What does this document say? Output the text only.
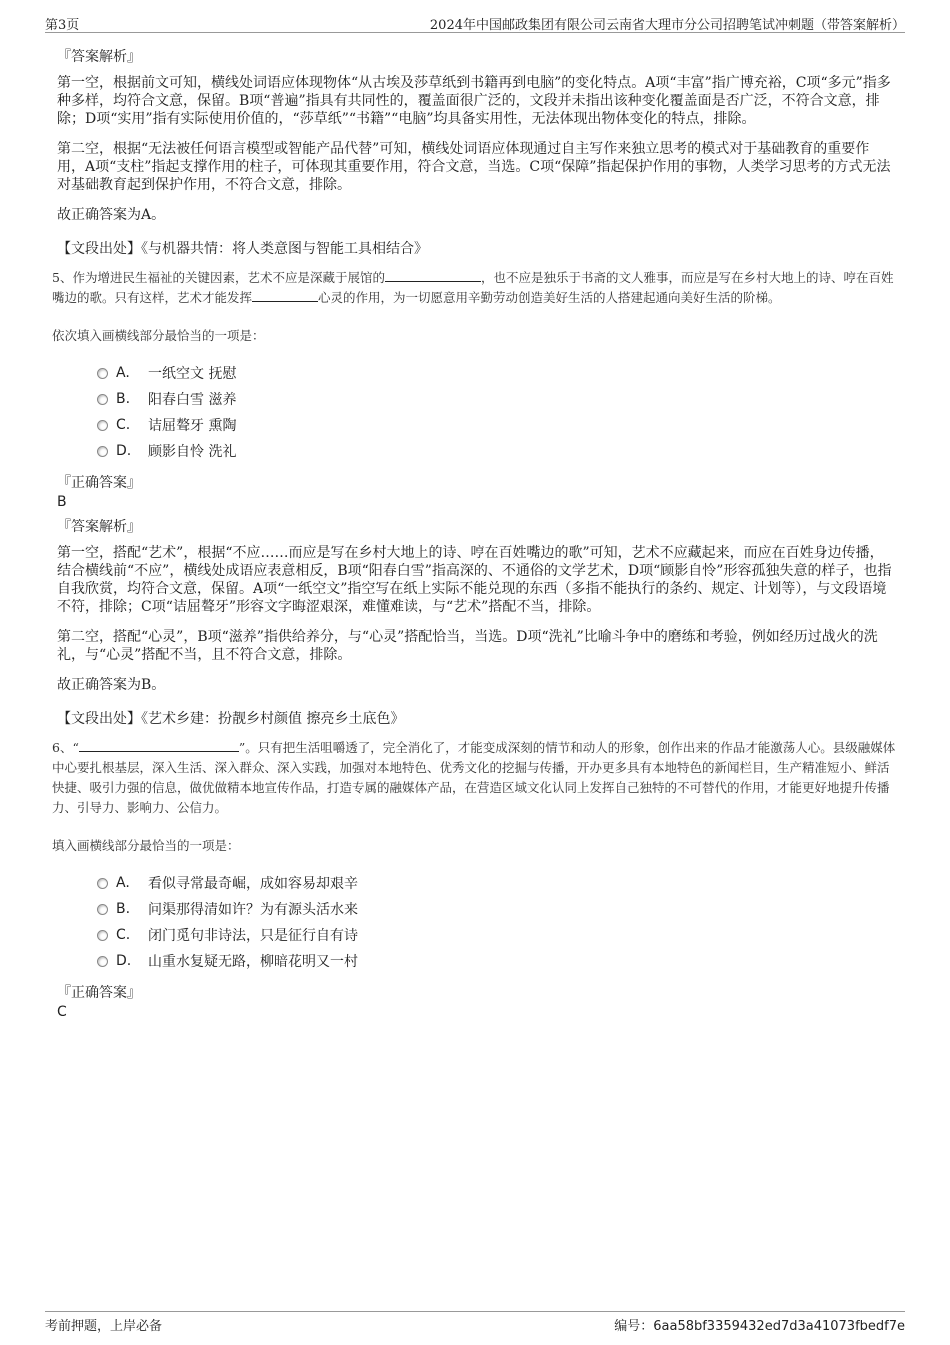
第3页	2024年中国邮政集团有限公司云南省大理市分公司招聘笔试冲刺题（带答案解析）
『答案解析』

第一空，根据前文可知，横线处词语应体现物体“从古埃及莎草纸到书籍再到电脑”的变化特点。A项“丰富”指广博充裕，C项“多元”指多种多样，均符合文意，保留。B项“普遍”指具有共同性的，覆盖面很广泛的，文段并未指出该种变化覆盖面是否广泛，不符合文意，排除；D项“实用”指有实际使用价值的，“莎草纸”“书籍”“电脑”均具备实用性，无法体现出物体变化的特点，排除。

第二空，根据“无法被任何语言模型或智能产品代替”可知，横线处词语应体现通过自主写作来独立思考的模式对于基础教育的重要作用，A项“支柱”指起支撑作用的柱子，可体现其重要作用，符合文意，当选。C项“保障”指起保护作用的事物，人类学习思考的方式无法对基础教育起到保护作用，不符合文意，排除。

故正确答案为A。

【文段出处】《与机器共情：将人类意图与智能工具相结合》
5、作为增进民生福祉的关键因素，艺术不应是深藏于展馆的	，也不应是独乐于书斋的文人雅事，而应是写在乡村大地上的诗、哼在百姓嘴边的歌。只有这样，艺术才能发挥	心灵的作用，为一切愿意用辛勤劳动创造美好生活的人搭建起通向美好生活的阶梯。
依次填入画横线部分最恰当的一项是：
A.	一纸空文 抚慰
B.	阳春白雪 滋养
C.	诘屈聱牙 熏陶
D.	顾影自怜 洗礼
『正确答案』
B
『答案解析』

第一空，搭配“艺术”，根据“不应……而应是写在乡村大地上的诗、哼在百姓嘴边的歌”可知，艺术不应藏起来，而应在百姓身边传播，结合横线前“不应”，横线处成语应表意相反，B项“阳春白雪”指高深的、不通俗的文学艺术，D项“顾影自怜”形容孤独失意的样子，也指自我欣赏，均符合文意，保留。A项“一纸空文”指空写在纸上实际不能兑现的东西（多指不能执行的条约、规定、计划等），与文段语境不符，排除；C项“诘屈聱牙”形容文字晦涩艰深，难懂难读，与“艺术”搭配不当，排除。

第二空，搭配“心灵”，B项“滋养”指供给养分，与“心灵”搭配恰当，当选。D项“洗礼”比喻斗争中的磨练和考验，例如经历过战火的洗礼，与“心灵”搭配不当，且不符合文意，排除。

故正确答案为B。

【文段出处】《艺术乡建：扮靓乡村颜值 擦亮乡土底色》
6、“	”。只有把生活咀嚼透了，完全消化了，才能变成深刻的情节和动人的形象，创作出来的作品才能激荡人心。县级融媒体中心要扎根基层，深入生活、深入群众、深入实践，加强对本地特色、优秀文化的挖掘与传播，开办更多具有本地特色的新闻栏目，生产精准短小、鲜活快捷、吸引力强的信息，做优做精本地宣传作品，打造专属的融媒体产品，在营造区域文化认同上发挥自己独特的不可替代的作用，才能更好地提升传播力、引导力、影响力、公信力。
填入画横线部分最恰当的一项是：
A.	看似寻常最奇崛，成如容易却艰辛
B.	问渠那得清如许？为有源头活水来
C.	闭门觅句非诗法，只是征行自有诗
D.	山重水复疑无路，柳暗花明又一村
『正确答案』
C
考前押题，上岸必备	编号：6aa58bf3359432ed7d3a41073fbedf7e
